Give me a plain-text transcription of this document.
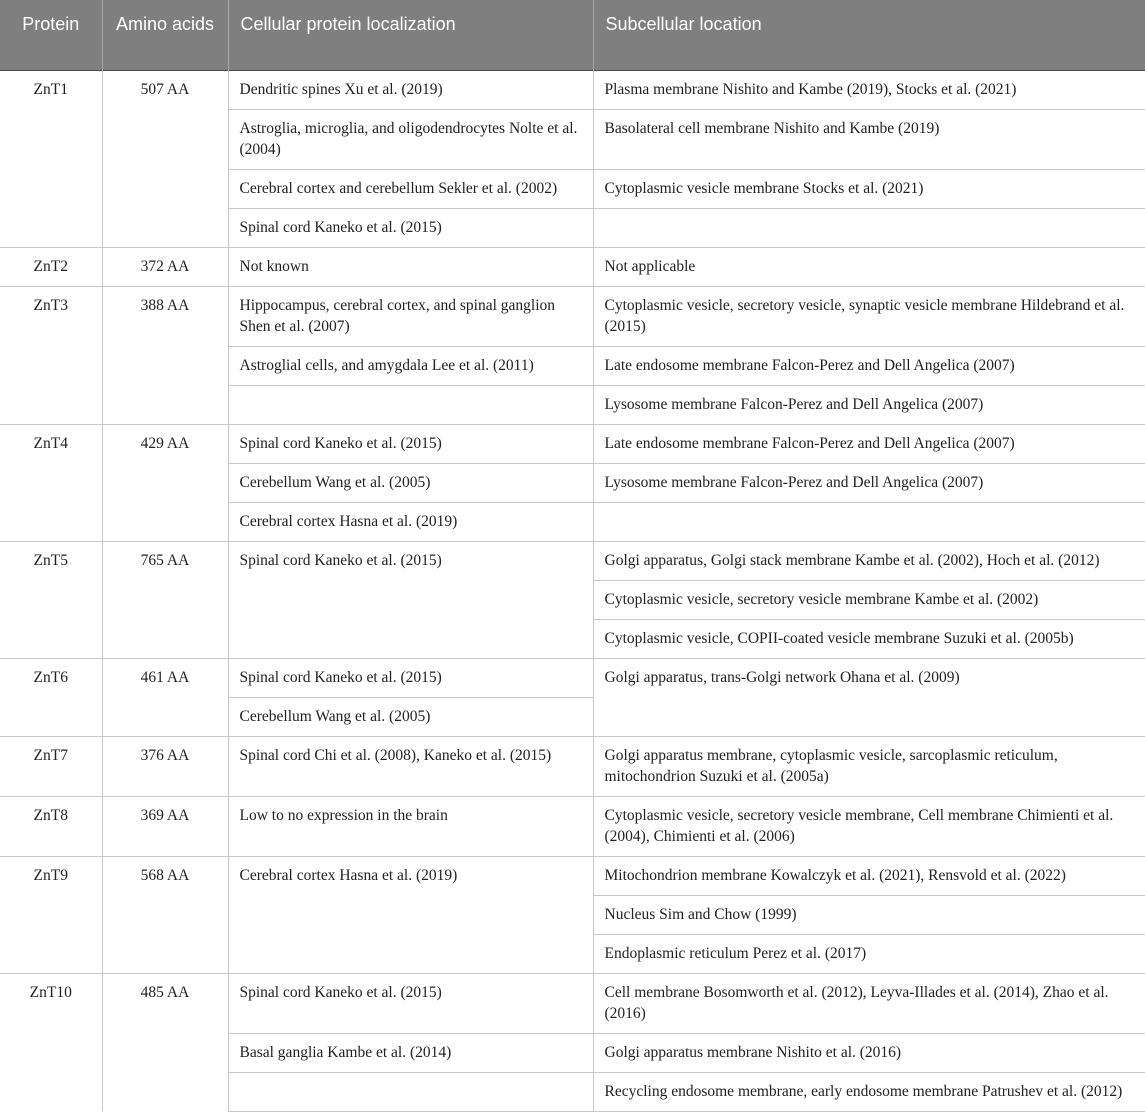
Protein	Amino acids	Cellular protein localization	Subcellular location
ZnT1	507 AA	Dendritic spines Xu et al. (2019)	Plasma membrane Nishito and Kambe (2019), Stocks et al. (2021)
		Astroglia, microglia, and oligodendrocytes Nolte et al. (2004)	Basolateral cell membrane Nishito and Kambe (2019)
		Cerebral cortex and cerebellum Sekler et al. (2002)	Cytoplasmic vesicle membrane Stocks et al. (2021)
		Spinal cord Kaneko et al. (2015)	
ZnT2	372 AA	Not known	Not applicable
ZnT3	388 AA	Hippocampus, cerebral cortex, and spinal ganglion Shen et al. (2007)	Cytoplasmic vesicle, secretory vesicle, synaptic vesicle membrane Hildebrand et al. (2015)
		Astroglial cells, and amygdala Lee et al. (2011)	Late endosome membrane Falcon-Perez and Dell Angelica (2007)
			Lysosome membrane Falcon-Perez and Dell Angelica (2007)
ZnT4	429 AA	Spinal cord Kaneko et al. (2015)	Late endosome membrane Falcon-Perez and Dell Angelica (2007)
		Cerebellum Wang et al. (2005)	Lysosome membrane Falcon-Perez and Dell Angelica (2007)
		Cerebral cortex Hasna et al. (2019)	
ZnT5	765 AA	Spinal cord Kaneko et al. (2015)	Golgi apparatus, Golgi stack membrane Kambe et al. (2002), Hoch et al. (2012)
			Cytoplasmic vesicle, secretory vesicle membrane Kambe et al. (2002)
			Cytoplasmic vesicle, COPII-coated vesicle membrane Suzuki et al. (2005b)
ZnT6	461 AA	Spinal cord Kaneko et al. (2015)	Golgi apparatus, trans-Golgi network Ohana et al. (2009)
		Cerebellum Wang et al. (2005)	
ZnT7	376 AA	Spinal cord Chi et al. (2008), Kaneko et al. (2015)	Golgi apparatus membrane, cytoplasmic vesicle, sarcoplasmic reticulum, mitochondrion Suzuki et al. (2005a)
ZnT8	369 AA	Low to no expression in the brain	Cytoplasmic vesicle, secretory vesicle membrane, Cell membrane Chimienti et al. (2004), Chimienti et al. (2006)
ZnT9	568 AA	Cerebral cortex Hasna et al. (2019)	Mitochondrion membrane Kowalczyk et al. (2021), Rensvold et al. (2022)
			Nucleus Sim and Chow (1999)
			Endoplasmic reticulum Perez et al. (2017)
ZnT10	485 AA	Spinal cord Kaneko et al. (2015)	Cell membrane Bosomworth et al. (2012), Leyva-Illades et al. (2014), Zhao et al. (2016)
		Basal ganglia Kambe et al. (2014)	Golgi apparatus membrane Nishito et al. (2016)
			Recycling endosome membrane, early endosome membrane Patrushev et al. (2012)
